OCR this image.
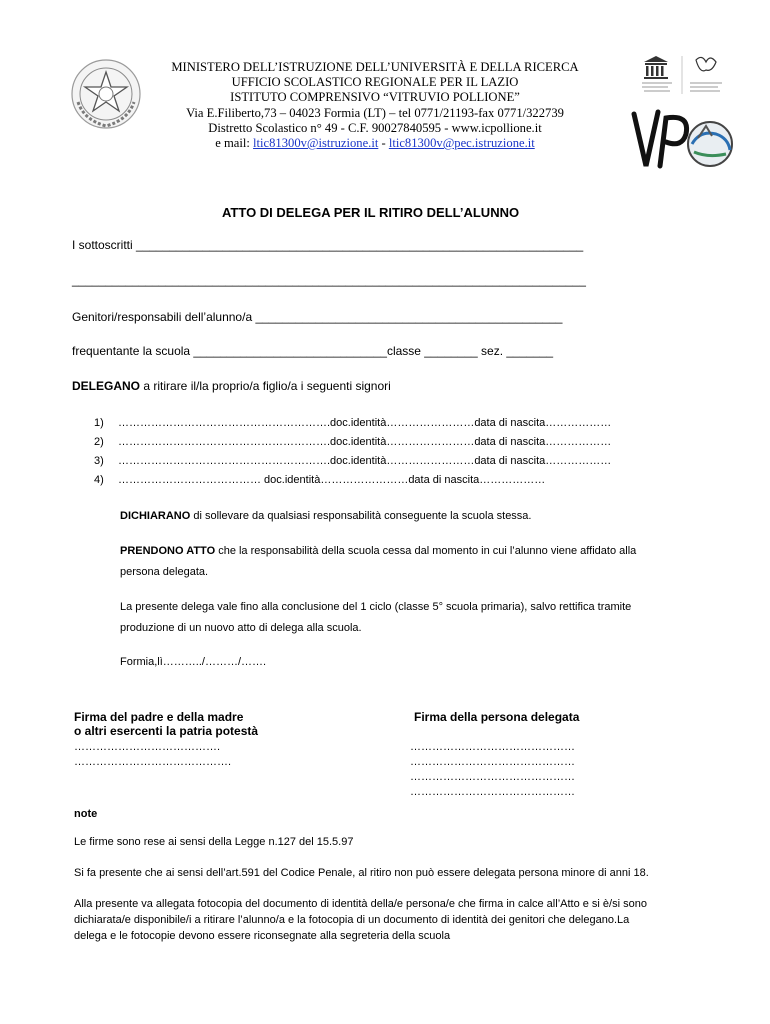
MINISTERO DELL’ISTRUZIONE DELL’UNIVERSITÀ E DELLA RICERCA
UFFICIO SCOLASTICO REGIONALE PER IL LAZIO
ISTITUTO COMPRENSIVO “VITRUVIO POLLIONE”
Via E.Filiberto,73 – 04023 Formia (LT) – tel 0771/21193-fax 0771/322739
Distretto Scolastico n° 49 - C.F. 90027840595 - www.icpollione.it
e mail: ltic81300v@istruzione.it - ltic81300v@pec.istruzione.it
ATTO DI DELEGA PER IL RITIRO DELL’ALUNNO
I sottoscritti ___________________________________________________________________
_____________________________________________________________________________
Genitori/responsabili dell’alunno/a ______________________________________________
frequentante la scuola _____________________________classe ________ sez. _______
DELEGANO a ritirare il/la proprio/a figlio/a i seguenti signori
1) ………………………………………………….doc.identità……………………data di nascita………………
2) ………………………………………………….doc.identità……………………data di nascita………………
3) ………………………………………………….doc.identità……………………data di nascita………………
4) ………………………………… doc.identità……………………data di nascita………………
DICHIARANO di sollevare da qualsiasi responsabilità conseguente la scuola stessa.
PRENDONO ATTO che la responsabilità della scuola cessa dal momento in cui l’alunno viene affidato alla
persona delegata.
La presente delega vale fino alla conclusione del 1 ciclo (classe 5° scuola primaria), salvo rettifica tramite
produzione di un nuovo atto di delega alla scuola.
Formia,lì………../………/…….
Firma del padre e della madre
o altri esercenti la patria potestà
………………………………….
…………………………………….
Firma della persona delegata
………………………………………
………………………………………
………………………………………
………………………………………
note
Le firme sono rese ai sensi della Legge n.127 del 15.5.97
Si fa presente che ai sensi dell’art.591 del Codice Penale, al ritiro non può essere delegata persona minore di anni 18.
Alla presente va allegata fotocopia del documento di identità della/e persona/e che firma in calce all’Atto e si è/si sono
dichiarata/e disponibile/i a ritirare l’alunno/a e la fotocopia di un documento di identità dei genitori che delegano.La
delega e le fotocopie devono essere riconsegnate alla segreteria della scuola
